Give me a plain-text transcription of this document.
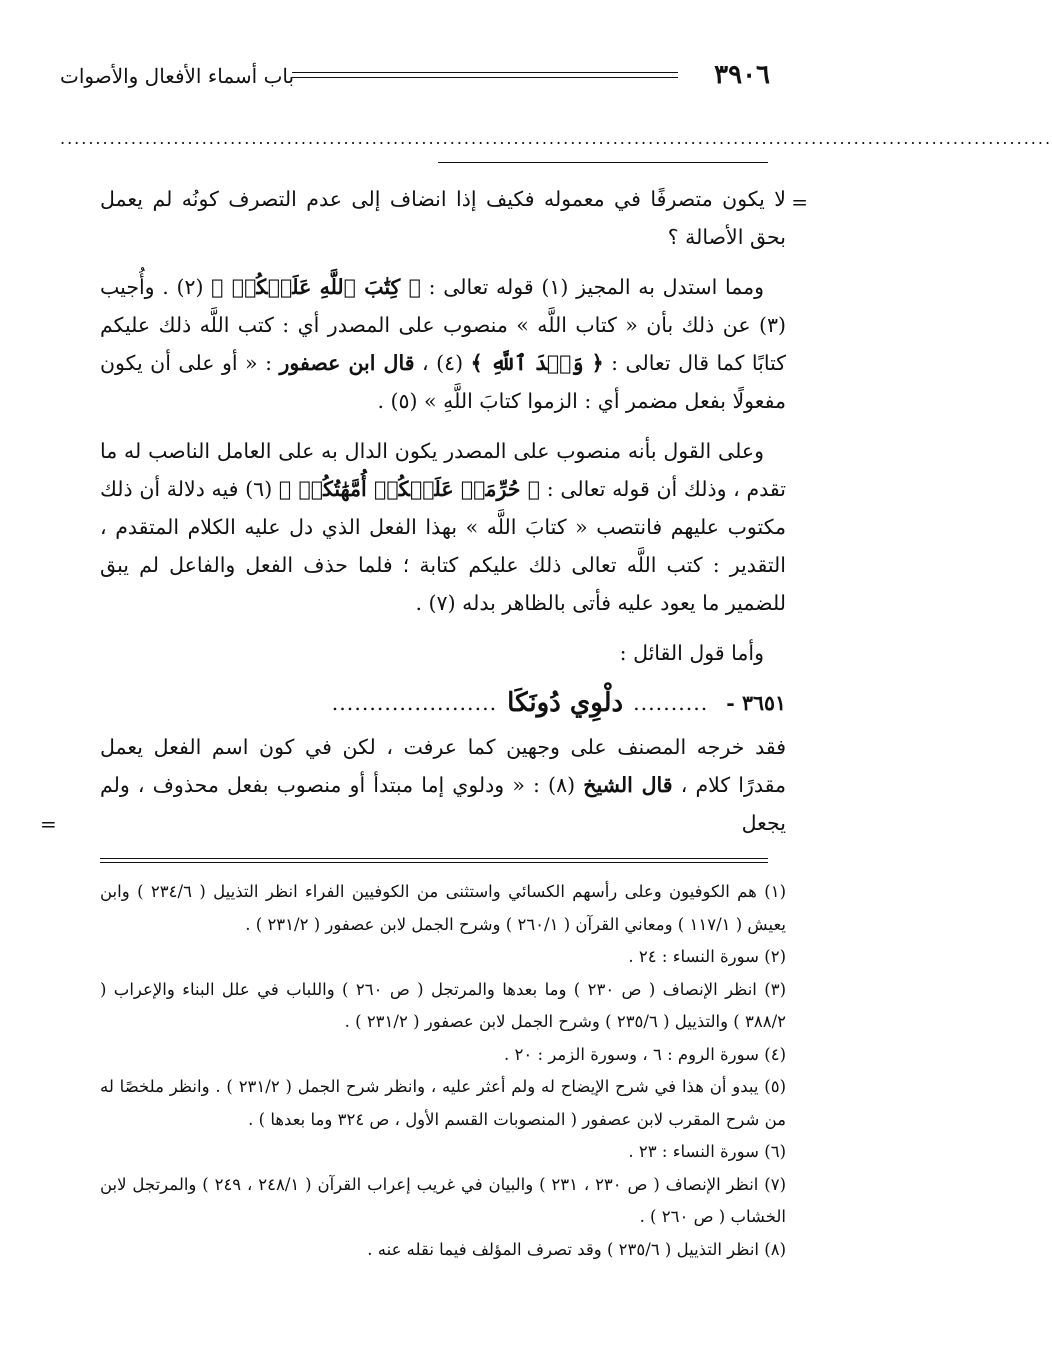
٣٩٠٦
باب أسماء الأفعال والأصوات
............................................................................................................................................
=

لا يكون متصرفًا في معموله فكيف إذا انضاف إلى عدم التصرف كونُه لم يعمل بحق الأصالة ؟

ومما استدل به المجيز (١) قوله تعالى : ﴿ كِتَٰبَ ٱللَّهِ عَلَيۡكُمۡ ﴾ (٢) . وأُجيب (٣) عن ذلك بأن « كتاب اللَّه » منصوب على المصدر أي : كتب اللَّه ذلك عليكم كتابًا كما قال تعالى : ﴿ وَعۡدَ ٱللَّهِ ﴾ (٤) ، قال ابن عصفور : « أو على أن يكون مفعولًا بفعل مضمر أي : الزموا كتابَ اللَّهِ » (٥) .

وعلى القول بأنه منصوب على المصدر يكون الدال به على العامل الناصب له ما تقدم ، وذلك أن قوله تعالى : ﴿ حُرِّمَتۡ عَلَيۡكُمۡ أُمَّهَٰتُكُمۡ ﴾ (٦) فيه دلالة أن ذلك مكتوب عليهم فانتصب « كتابَ اللَّه » بهذا الفعل الذي دل عليه الكلام المتقدم ، التقدير : كتب اللَّه تعالى ذلك عليكم كتابة ؛ فلما حذف الفعل والفاعل لم يبق للضمير ما يعود عليه فأتى بالظاهر بدله (٧) .

وأما قول القائل :

٣٦٥١ -
..........
دلْوِي دُونَكَا
......................

فقد خرجه المصنف على وجهين كما عرفت ، لكن في كون اسم الفعل يعمل مقدرًا كلام ، قال الشيخ (٨) : « ودلوي إما مبتدأ أو منصوب بفعل محذوف ، ولم يجعل

=
(١) هم الكوفيون وعلى رأسهم الكسائي واستثنى من الكوفيين الفراء انظر التذييل ( ٢٣٤/٦ ) وابن يعيش ( ١١٧/١ ) ومعاني القرآن ( ٢٦٠/١ ) وشرح الجمل لابن عصفور ( ٢٣١/٢ ) .
(٢) سورة النساء : ٢٤ .
(٣) انظر الإنصاف ( ص ٢٣٠ ) وما بعدها والمرتجل ( ص ٢٦٠ ) واللباب في علل البناء والإعراب ( ٣٨٨/٢ ) والتذييل ( ٢٣٥/٦ ) وشرح الجمل لابن عصفور ( ٢٣١/٢ ) .
(٤) سورة الروم : ٦ ، وسورة الزمر : ٢٠ .
(٥) يبدو أن هذا في شرح الإيضاح له ولم أعثر عليه ، وانظر شرح الجمل ( ٢٣١/٢ ) . وانظر ملخصًا له من شرح المقرب لابن عصفور ( المنصوبات القسم الأول ، ص ٣٢٤ وما بعدها ) .
(٦) سورة النساء : ٢٣ .
(٧) انظر الإنصاف ( ص ٢٣٠ ، ٢٣١ ) والبيان في غريب إعراب القرآن ( ٢٤٨/١ ، ٢٤٩ ) والمرتجل لابن الخشاب ( ص ٢٦٠ ) .
(٨) انظر التذييل ( ٢٣٥/٦ ) وقد تصرف المؤلف فيما نقله عنه .
